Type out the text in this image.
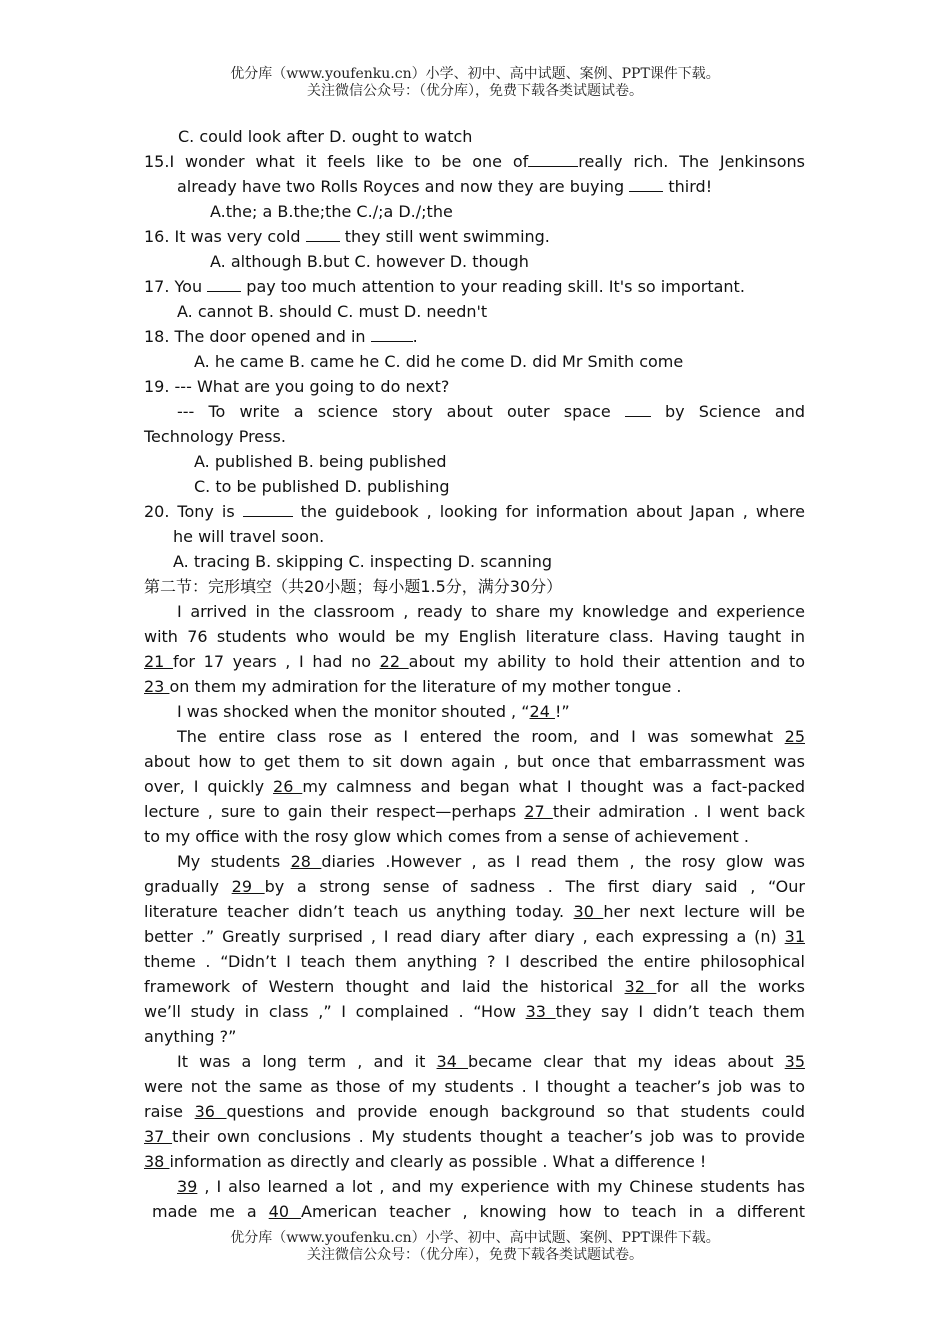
优分库（www.youfenku.cn）小学、初中、高中试题、案例、PPT课件下载。
关注微信公众号：（优分库），免费下载各类试题试卷。
C. could look after D. ought to watch
15.I wonder what it feels like to be one of	really rich. The Jenkinsons
already have two Rolls Royces and now they are buying	third!
A.the; a B.the;the C./;a D./;the
16. It was very cold	they still went swimming.
A. although B.but C. however D. though
17. You	pay too much attention to your reading skill. It's so important.
A. cannot B. should C. must D. needn't
18. The door opened and in	.
A. he came B. came he C. did he come D. did Mr Smith come
19. --- What are you going to do next?
--- To write a science story about outer space	by Science and
Technology Press.
A. published B. being published
C. to be published D. publishing
20. Tony is	the guidebook , looking for information about Japan , where
he will travel soon.
A. tracing B. skipping C. inspecting D. scanning
第二节：完形填空（共20小题；每小题1.5分，满分30分）
I arrived in the classroom , ready to share my knowledge and experience
with 76 students who would be my English literature class. Having taught in
21 for 17 years , I had no 22 about my ability to hold their attention and to
23 on them my admiration for the literature of my mother tongue .
I was shocked when the monitor shouted , “24 !”
The entire class rose as I entered the room, and I was somewhat 25
about how to get them to sit down again , but once that embarrassment was
over, I quickly 26 my calmness and began what I thought was a fact-packed
lecture , sure to gain their respect—perhaps 27 their admiration . I went back
to my office with the rosy glow which comes from a sense of achievement .
My students 28 diaries .However , as I read them , the rosy glow was
gradually 29 by a strong sense of sadness . The first diary said , “Our
literature teacher didn’t teach us anything today. 30 her next lecture will be
better .” Greatly surprised , I read diary after diary , each expressing a (n) 31
theme . “Didn’t I teach them anything ? I described the entire philosophical
framework of Western thought and laid the historical 32 for all the works
we’ll study in class ,” I complained . “How 33 they say I didn’t teach them
anything ?”
It was a long term , and it 34 became clear that my ideas about 35
were not the same as those of my students . I thought a teacher’s job was to
raise 36 questions and provide enough background so that students could
37 their own conclusions . My students thought a teacher’s job was to provide
38 information as directly and clearly as possible . What a difference !
39 , I also learned a lot , and my experience with my Chinese students has
made me a 40 American teacher , knowing how to teach in a different
优分库（www.youfenku.cn）小学、初中、高中试题、案例、PPT课件下载。
关注微信公众号：（优分库），免费下载各类试题试卷。
